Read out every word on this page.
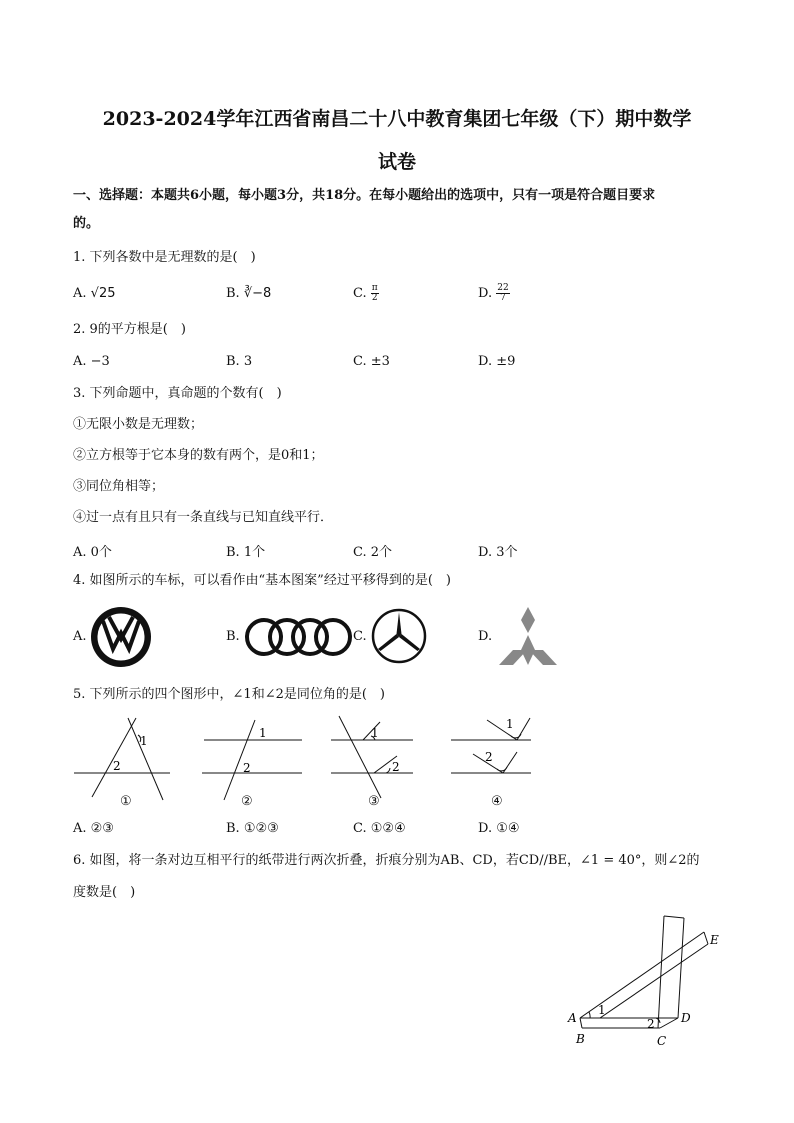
2023-2024学年江西省南昌二十八中教育集团七年级（下）期中数学
试卷
一、选择题：本题共6小题，每小题3分，共18分。在每小题给出的选项中，只有一项是符合题目要求
的。
1. 下列各数中是无理数的是(　)
A. √25	B. ∛−8	C. $\frac{\pi}{2}$	D. $\frac{22}{7}$
2. 9的平方根是(　)
A. −3	B. 3	C. ±3	D. ±9
3. 下列命题中，真命题的个数有(　)
①无限小数是无理数；
②立方根等于它本身的数有两个，是0和1；
③同位角相等；
④过一点有且只有一条直线与已知直线平行．
A. 0个	B. 1个	C. 2个	D. 3个
4. 如图所示的车标，可以看作由“基本图案”经过平移得到的是(　)
A.	B.	C.	D.
5. 下列所示的四个图形中，∠1和∠2是同位角的是(　)
1
2
①
1
2
②
1
2
③
1
2
④
A. ②③	B. ①②③	C. ①②④	D. ①④
6. 如图，将一条对边互相平行的纸带进行两次折叠，折痕分别为AB、CD，若CD//BE，∠1 = 40°，则∠2的
度数是(　)
1
2
A
B	C
D
E
